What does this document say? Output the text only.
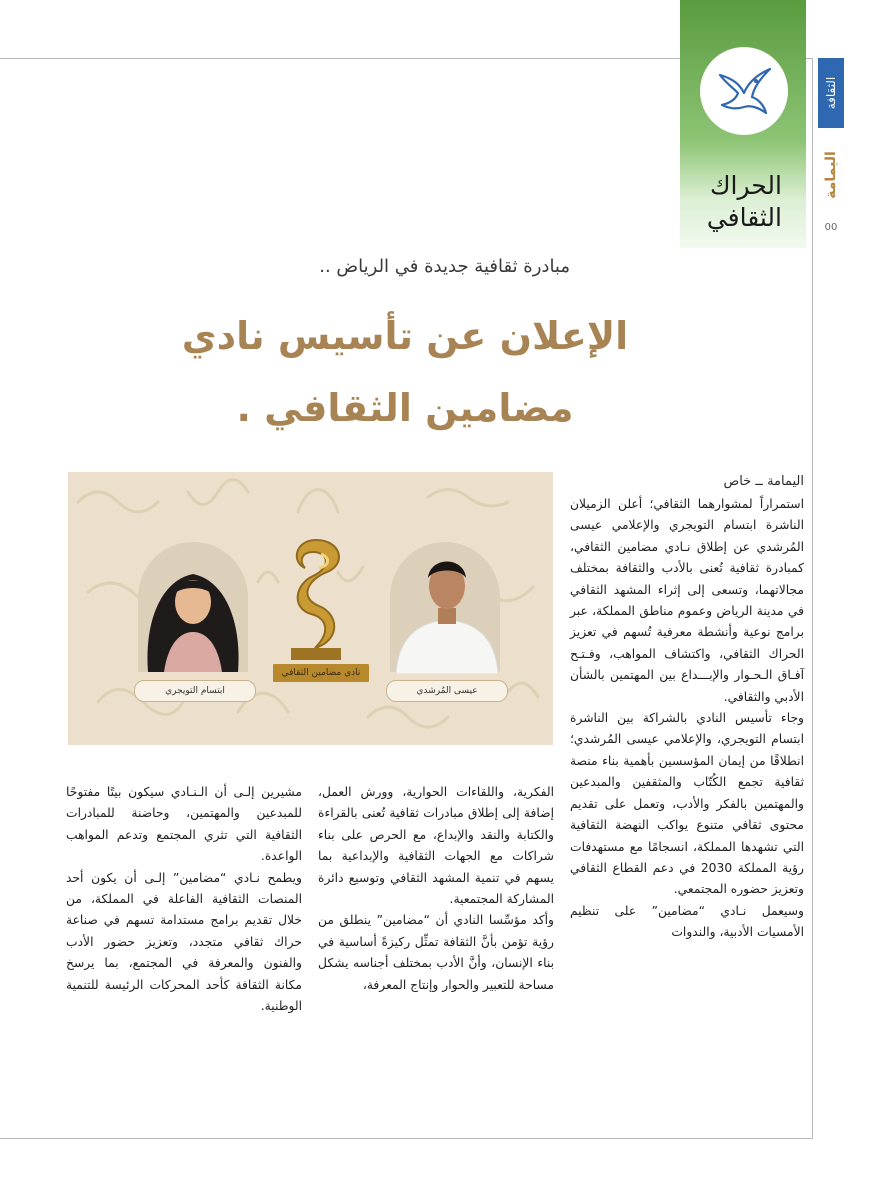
الثقافة
اليمامة
00
الحراك
الثقافي
مبادرة ثقافية جديدة في الرياض ..
الإعلان عن تأسيس نادي
مضامين الثقافي .
اليمامة ــ خاص
نادي مضامين الثقافي
ابتسام التويجري	عيسى المُرشدي

استمراراً لمشوارهما الثقافي؛ أعلن الزميلان الناشرة ابتسام التويجري والإعلامي عيسى المُرشدي عن إطلاق نـادي مضامين الثقافي، كمبادرة ثقافية تُعنى بالأدب والثقافة بمختلف مجالاتهما، وتسعى إلى إثراء المشهد الثقافي في مدينة الرياض وعموم مناطق المملكة، عبر برامج نوعية وأنشطة معرفية تُسهم في تعزيز الحراك الثقافي، واكتشاف المواهب، وفـتـح آفـاق الـحـوار والإبـــداع بين المهتمين بالشأن الأدبي والثقافي.

وجاء تأسيس النادي بالشراكة بين الناشرة ابتسام التويجري، والإعلامي عيسى المُرشدي؛ انطلاقًا من إيمان المؤسسين بأهمية بناء منصة ثقافية تجمع الكُتّاب والمثقفين والمبدعين والمهتمين بالفكر والأدب، وتعمل على تقديم محتوى ثقافي متنوع يواكب النهضة الثقافية التي تشهدها المملكة، انسجامًا مع مستهدفات رؤية المملكة 2030 في دعم القطاع الثقافي وتعزيز حضوره المجتمعي.

وسيعمل نـادي “مضامين” على تنظيم الأمسيات الأدبية، والندوات

الفكرية، واللقاءات الحوارية، وورش العمل، إضافة إلى إطلاق مبادرات ثقافية تُعنى بالقراءة والكتابة والنقد والإبداع، مع الحرص على بناء شراكات مع الجهات الثقافية والإبداعية بما يسهم في تنمية المشهد الثقافي وتوسيع دائرة المشاركة المجتمعية.

وأكد مؤسِّسا النادي أن “مضامين” ينطلق من رؤية تؤمن بأنَّ الثقافة تمثِّل ركيزةً أساسية في بناء الإنسان، وأنَّ الأدب بمختلف أجناسه يشكل مساحة للتعبير والحوار وإنتاج المعرفة،

مشيرين إلـى أن الـنـادي سيكون بيتًا مفتوحًا للمبدعين والمهتمين، وحاضنة للمبادرات الثقافية التي تثري المجتمع وتدعم المواهب الواعدة.

ويطمح نـادي “مضامين” إلـى أن يكون أحد المنصات الثقافية الفاعلة في المملكة، من خلال تقديم برامج مستدامة تسهم في صناعة حراك ثقافي متجدد، وتعزيز حضور الأدب والفنون والمعرفة في المجتمع، بما يرسخ مكانة الثقافة كأحد المحركات الرئيسة للتنمية الوطنية.
